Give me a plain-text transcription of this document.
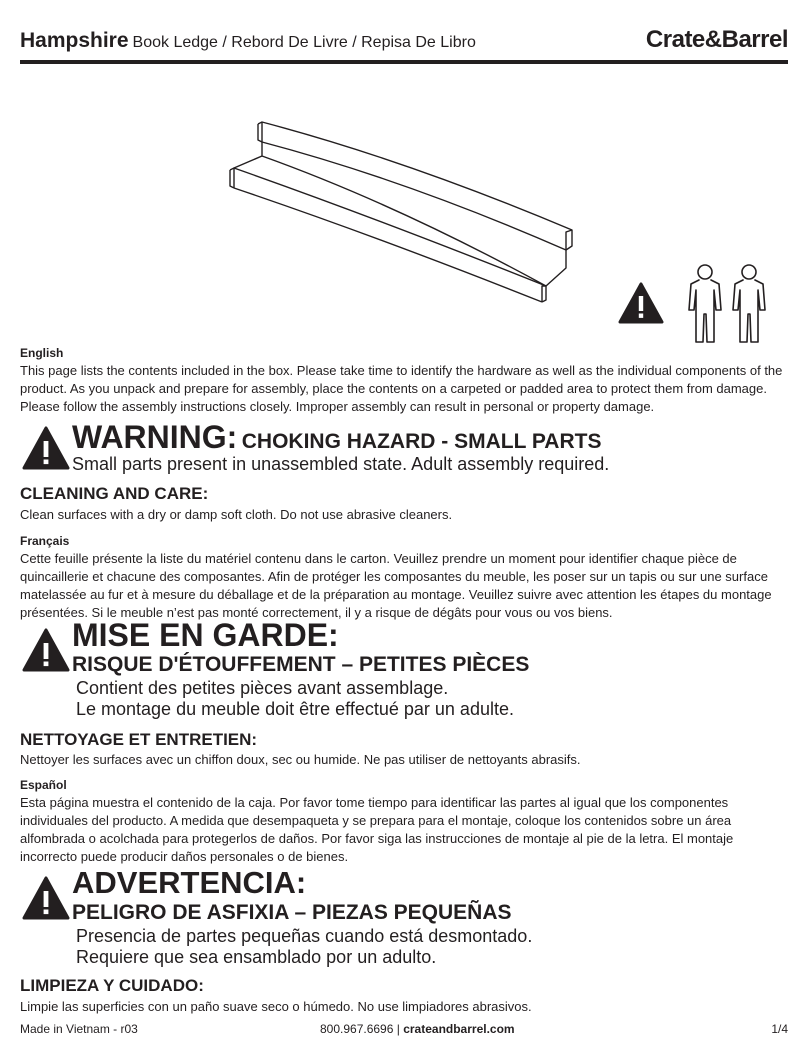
Hampshire Book Ledge / Rebord De Livre / Repisa De Libro	Crate&Barrel
English
This page lists the contents included in the box. Please take time to identify the hardware as well as the individual components of the product. As you unpack and prepare for assembly, place the contents on a carpeted or padded area to protect them from damage. Please follow the assembly instructions closely. Improper assembly can result in personal or property damage.
WARNING: CHOKING HAZARD - SMALL PARTS
Small parts present in unassembled state. Adult assembly required.
CLEANING AND CARE:
Clean surfaces with a dry or damp soft cloth. Do not use abrasive cleaners.
Français
Cette feuille présente la liste du matériel contenu dans le carton. Veuillez prendre un moment pour identifier chaque pièce de quincaillerie et chacune des composantes. Afin de protéger les composantes du meuble, les poser sur un tapis ou sur une surface matelassée au fur et à mesure du déballage et de la préparation au montage. Veuillez suivre avec attention les étapes du montage présentées. Si le meuble n’est pas monté correctement, il y a risque de dégâts pour vous ou vos biens.
MISE EN GARDE:
RISQUE D'ÉTOUFFEMENT – PETITES PIÈCES
Contient des petites pièces avant assemblage.
Le montage du meuble doit être effectué par un adulte.
NETTOYAGE ET ENTRETIEN:
Nettoyer les surfaces avec un chiffon doux, sec ou humide. Ne pas utiliser de nettoyants abrasifs.
Español
Esta página muestra el contenido de la caja. Por favor tome tiempo para identificar las partes al igual que los componentes individuales del producto. A medida que desempaqueta y se prepara para el montaje, coloque los contenidos sobre un área alfombrada o acolchada para protegerlos de daños. Por favor siga las instrucciones de montaje al pie de la letra. El montaje incorrecto puede producir daños personales o de bienes.
ADVERTENCIA:
PELIGRO DE ASFIXIA – PIEZAS PEQUEÑAS
Presencia de partes pequeñas cuando está desmontado.
Requiere que sea ensamblado por un adulto.
LIMPIEZA Y CUIDADO:
Limpie las superficies con un paño suave seco o húmedo. No use limpiadores abrasivos.
Made in Vietnam - r03	800.967.6696 | crateandbarrel.com	1/4
